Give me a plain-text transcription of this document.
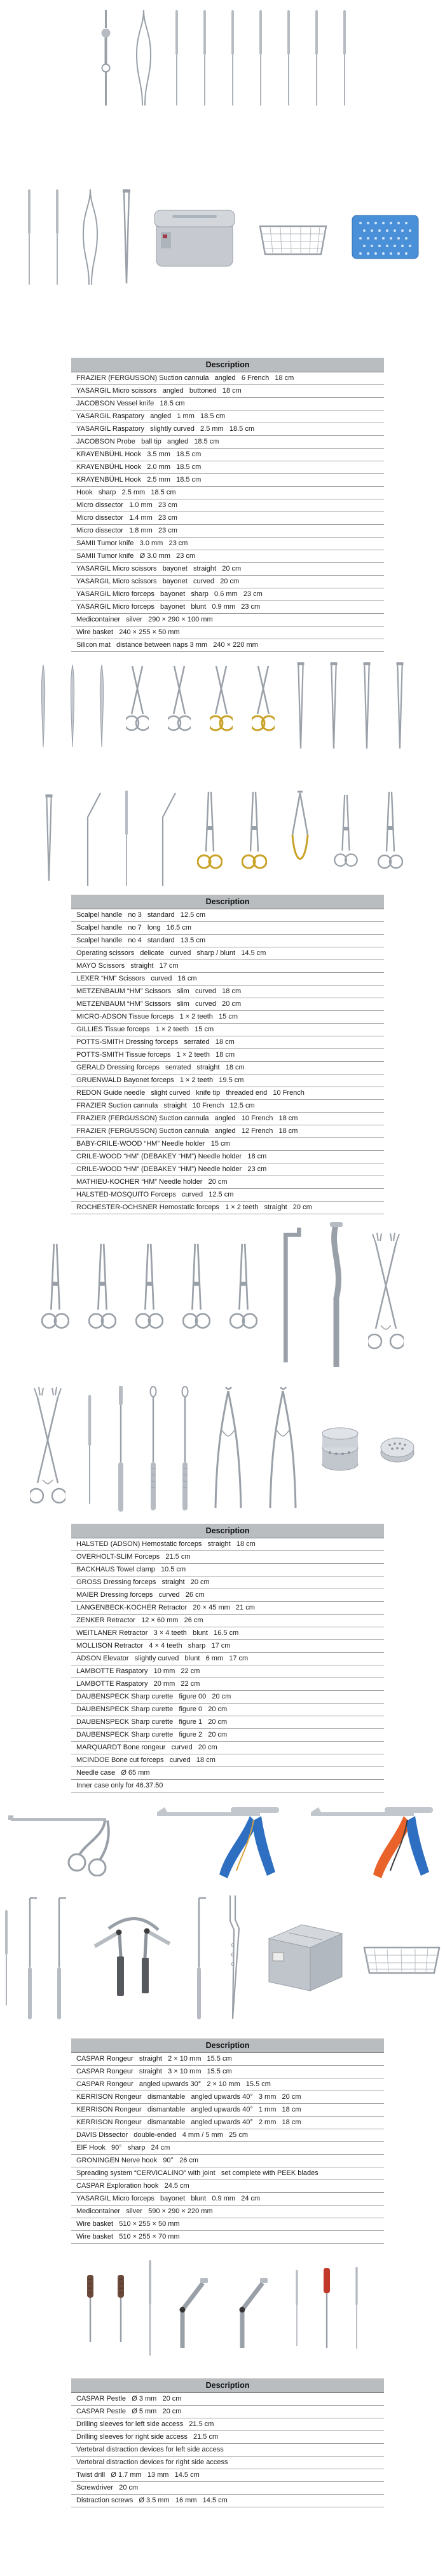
Description
FRAZIER (FERGUSSON) Suction cannula   angled   6 French   18 cm
YASARGIL Micro scissors   angled   buttoned   18 cm
JACOBSON Vessel knife   18.5 cm
YASARGIL Raspatory   angled   1 mm   18.5 cm
YASARGIL Raspatory   slightly curved   2.5 mm   18.5 cm
JACOBSON Probe   ball tip   angled   18.5 cm
KRAYENBÜHL Hook   3.5 mm   18.5 cm
KRAYENBÜHL Hook   2.0 mm   18.5 cm
KRAYENBÜHL Hook   2.5 mm   18.5 cm
Hook   sharp   2.5 mm   18.5 cm
Micro dissector   1.0 mm   23 cm
Micro dissector   1.4 mm   23 cm
Micro dissector   1.8 mm   23 cm
SAMII Tumor knife   3.0 mm   23 cm
SAMII Tumor knife   Ø 3.0 mm   23 cm
YASARGIL Micro scissors   bayonet   straight   20 cm
YASARGIL Micro scissors   bayonet   curved   20 cm
YASARGIL Micro forceps   bayonet   sharp   0.6 mm   23 cm
YASARGIL Micro forceps   bayonet   blunt   0.9 mm   23 cm
Medicontainer   silver   290 × 290 × 100 mm
Wire basket   240 × 255 × 50 mm
Silicon mat   distance between naps 3 mm   240 × 220 mm
Description
Scalpel handle   no 3   standard   12.5 cm
Scalpel handle   no 7   long   16.5 cm
Scalpel handle   no 4   standard   13.5 cm
Operating scissors   delicate   curved   sharp / blunt   14.5 cm
MAYO Scissors   straight   17 cm
LEXER “HM” Scissors   curved   16 cm
METZENBAUM “HM” Scissors   slim   curved   18 cm
METZENBAUM “HM” Scissors   slim   curved   20 cm
MICRO-ADSON Tissue forceps   1 × 2 teeth   15 cm
GILLIES Tissue forceps   1 × 2 teeth   15 cm
POTTS-SMITH Dressing forceps   serrated   18 cm
POTTS-SMITH Tissue forceps   1 × 2 teeth   18 cm
GERALD Dressing forceps   serrated   straight   18 cm
GRUENWALD Bayonet forceps   1 × 2 teeth   19.5 cm
REDON Guide needle   slight curved   knife tip   threaded end   10 French
FRAZIER Suction cannula   straight   10 French   12.5 cm
FRAZIER (FERGUSSON) Suction cannula   angled   10 French   18 cm
FRAZIER (FERGUSSON) Suction cannula   angled   12 French   18 cm
BABY-CRILE-WOOD “HM” Needle holder   15 cm
CRILE-WOOD “HM” (DEBAKEY “HM”) Needle holder   18 cm
CRILE-WOOD “HM” (DEBAKEY “HM”) Needle holder   23 cm
MATHIEU-KOCHER “HM” Needle holder   20 cm
HALSTED-MOSQUITO Forceps   curved   12.5 cm
ROCHESTER-OCHSNER Hemostatic forceps   1 × 2 teeth   straight   20 cm
Description
HALSTED (ADSON) Hemostatic forceps   straight   18 cm
OVERHOLT-SLIM Forceps   21.5 cm
BACKHAUS Towel clamp   10.5 cm
GROSS Dressing forceps   straight   20 cm
MAIER Dressing forceps   curved   26 cm
LANGENBECK-KOCHER Retractor   20 × 45 mm   21 cm
ZENKER Retractor   12 × 60 mm   26 cm
WEITLANER Retractor   3 × 4 teeth   blunt   16.5 cm
MOLLISON Retractor   4 × 4 teeth   sharp   17 cm
ADSON Elevator   slightly curved   blunt   6 mm   17 cm
LAMBOTTE Raspatory   10 mm   22 cm
LAMBOTTE Raspatory   20 mm   22 cm
DAUBENSPECK Sharp curette   figure 00   20 cm
DAUBENSPECK Sharp curette   figure 0   20 cm
DAUBENSPECK Sharp curette   figure 1   20 cm
DAUBENSPECK Sharp curette   figure 2   20 cm
MARQUARDT Bone rongeur   curved   20 cm
MCINDOE Bone cut forceps   curved   18 cm
Needle case   Ø 65 mm
Inner case only for 46.37.50
Description
CASPAR Rongeur   straight   2 × 10 mm   15.5 cm
CASPAR Rongeur   straight   3 × 10 mm   15.5 cm
CASPAR Rongeur   angled upwards 30°   2 × 10 mm   15.5 cm
KERRISON Rongeur   dismantable   angled upwards 40°   3 mm   20 cm
KERRISON Rongeur   dismantable   angled upwards 40°   1 mm   18 cm
KERRISON Rongeur   dismantable   angled upwards 40°   2 mm   18 cm
DAVIS Dissector   double-ended   4 mm / 5 mm   25 cm
EIF Hook   90°   sharp   24 cm
GRONINGEN Nerve hook   90°   26 cm
Spreading system “CERVICALINO” with joint   set complete with PEEK blades
CASPAR Exploration hook   24.5 cm
YASARGIL Micro forceps   bayonet   blunt   0.9 mm   24 cm
Medicontainer   silver   590 × 290 × 220 mm
Wire basket   510 × 255 × 50 mm
Wire basket   510 × 255 × 70 mm
Description
CASPAR Pestle   Ø 3 mm   20 cm
CASPAR Pestle   Ø 5 mm   20 cm
Drilling sleeves for left side access   21.5 cm
Drilling sleeves for right side access   21.5 cm
Vertebral distraction devices for left side access
Vertebral distraction devices for right side access
Twist drill   Ø 1.7 mm   13 mm   14.5 cm
Screwdriver   20 cm
Distraction screws   Ø 3.5 mm   16 mm   14.5 cm
